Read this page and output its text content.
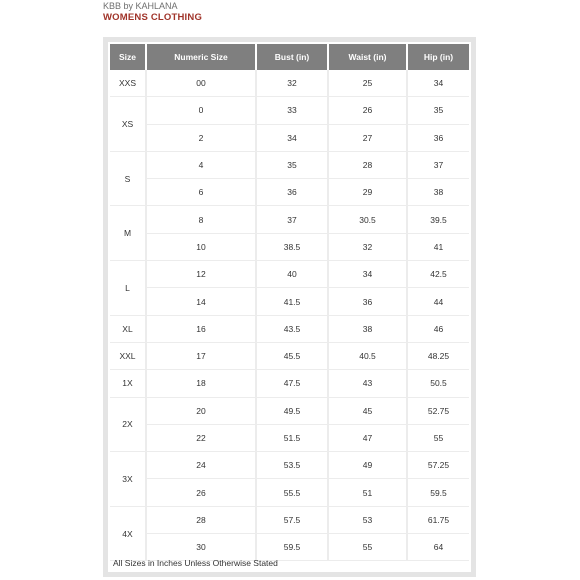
KBB by KAHLANA
WOMENS CLOTHING
Size	Numeric Size	Bust (in)	Waist (in)	Hip (in)
XXS	00	32	25	34
XS	0	33	26	35
	2	34	27	36
S	4	35	28	37
	6	36	29	38
M	8	37	30.5	39.5
	10	38.5	32	41
L	12	40	34	42.5
	14	41.5	36	44
XL	16	43.5	38	46
XXL	17	45.5	40.5	48.25
1X	18	47.5	43	50.5
2X	20	49.5	45	52.75
	22	51.5	47	55
3X	24	53.5	49	57.25
	26	55.5	51	59.5
4X	28	57.5	53	61.75
	30	59.5	55	64
All Sizes in Inches Unless Otherwise Stated
